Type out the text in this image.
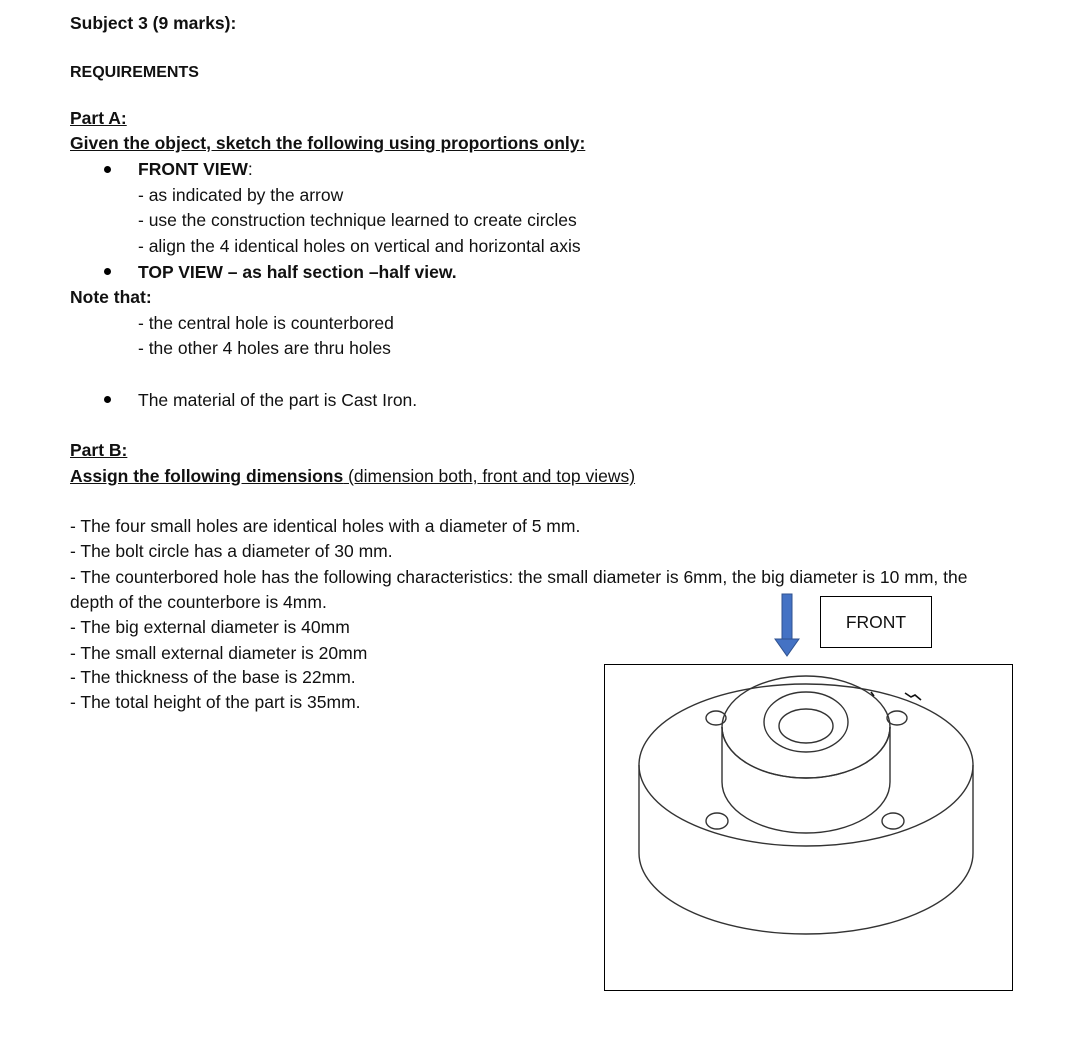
Subject 3 (9 marks):
REQUIREMENTS
Part A:
Given the object, sketch the following using proportions only:
FRONT VIEW:
- as indicated by the arrow
- use the construction technique learned to create circles
- align the 4 identical holes on vertical and horizontal axis
TOP VIEW – as half section –half view.
Note that:
- the central hole is counterbored
- the other 4 holes are thru holes
The material of the part is Cast Iron.
Part B:
Assign the following dimensions (dimension both, front and top views)
- The four small holes are identical holes with a diameter of 5 mm.
- The bolt circle has a diameter of 30 mm.
- The counterbored hole has the following characteristics: the small diameter is 6mm, the big diameter is 10 mm, the
depth of the counterbore is 4mm.
- The big external diameter is 40mm
- The small external diameter is 20mm
- The thickness of the base is 22mm.
- The total height of the part is 35mm.
FRONT
